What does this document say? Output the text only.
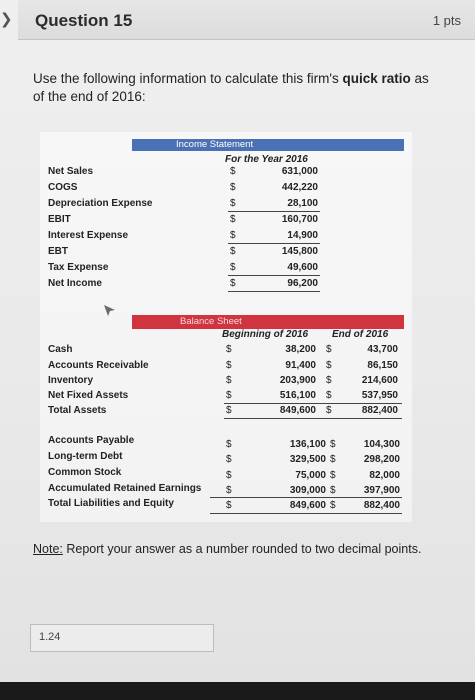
Question 15	1 pts
❯
Use the following information to calculate this firm's quick ratio as of the end of 2016:
Income Statement
For the Year 2016
Net Sales	$	631,000
COGS	$	442,220
Depreciation Expense	$	28,100
EBIT	$	160,700
Interest Expense	$	14,900
EBT	$	145,800
Tax Expense	$	49,600
Net Income	$	96,200
Balance Sheet
Beginning of 2016 End of 2016
Cash	$	38,200 $	43,700
Accounts Receivable	$	91,400 $	86,150
Inventory	$	203,900 $	214,600
Net Fixed Assets	$	516,100 $	537,950
Total Assets	$	849,600 $	882,400
Accounts Payable	$	136,100 $	104,300
Long-term Debt	$	329,500 $	298,200
Common Stock	$	75,000 $	82,000
Accumulated Retained Earnings $	309,000 $	397,900
Total Liabilities and Equity	$	849,600 $	882,400
Note: Report your answer as a number rounded to two decimal points.
1.24
